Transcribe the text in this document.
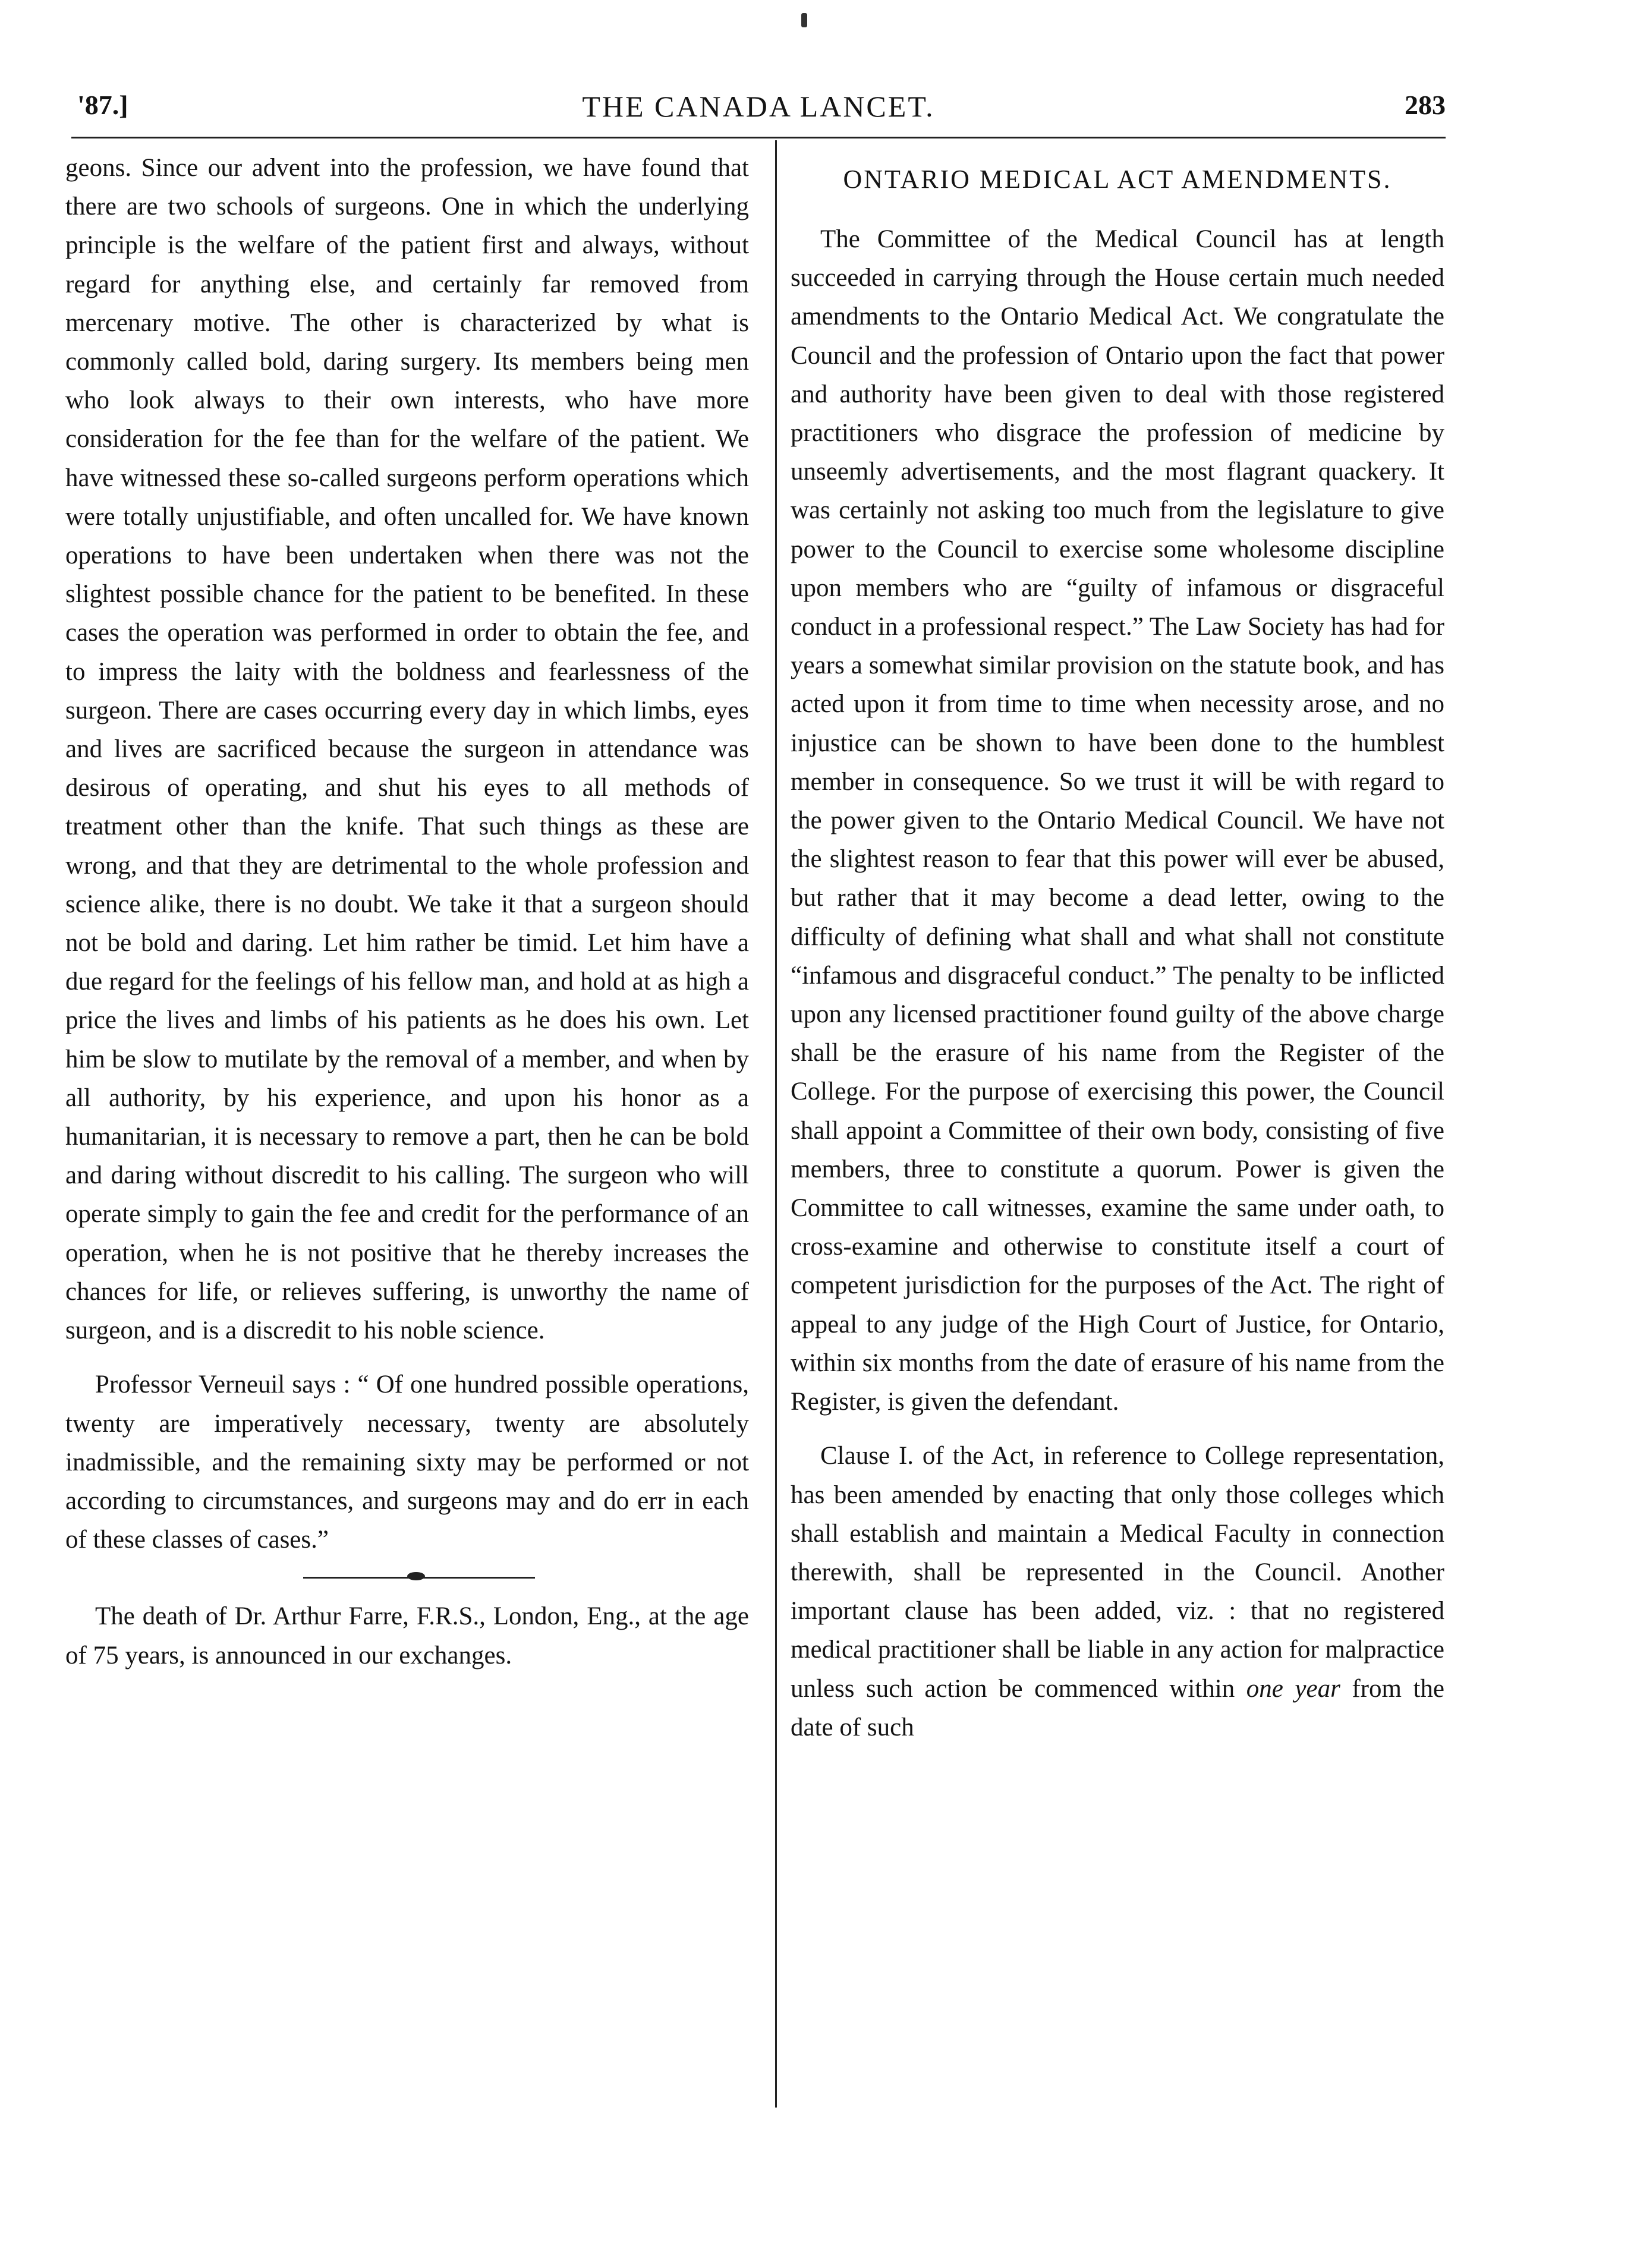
'87.]	THE CANADA LANCET.	283

geons. Since our advent into the profession, we have found that there are two schools of surgeons. One in which the underlying principle is the welfare of the patient first and always, without regard for anything else, and certainly far removed from mercenary motive. The other is characterized by what is commonly called bold, daring surgery. Its members being men who look always to their own interests, who have more consideration for the fee than for the welfare of the patient. We have witnessed these so-called surgeons perform operations which were totally unjustifiable, and often uncalled for. We have known operations to have been undertaken when there was not the slightest possible chance for the patient to be benefited. In these cases the operation was performed in order to obtain the fee, and to impress the laity with the boldness and fearlessness of the surgeon. There are cases occurring every day in which limbs, eyes and lives are sacrificed because the surgeon in attendance was desirous of operating, and shut his eyes to all methods of treatment other than the knife. That such things as these are wrong, and that they are detrimental to the whole profession and science alike, there is no doubt. We take it that a surgeon should not be bold and daring. Let him rather be timid. Let him have a due regard for the feelings of his fellow man, and hold at as high a price the lives and limbs of his patients as he does his own. Let him be slow to mutilate by the removal of a member, and when by all authority, by his experience, and upon his honor as a humanitarian, it is necessary to remove a part, then he can be bold and daring without discredit to his calling. The surgeon who will operate simply to gain the fee and credit for the performance of an operation, when he is not positive that he thereby increases the chances for life, or relieves suffering, is unworthy the name of surgeon, and is a discredit to his noble science.

Professor Verneuil says : “ Of one hundred possible operations, twenty are imperatively necessary, twenty are absolutely inadmissible, and the remaining sixty may be performed or not according to circumstances, and surgeons may and do err in each of these classes of cases.”

The death of Dr. Arthur Farre, F.R.S., London, Eng., at the age of 75 years, is announced in our exchanges.

ONTARIO MEDICAL ACT AMENDMENTS.

The Committee of the Medical Council has at length succeeded in carrying through the House certain much needed amendments to the Ontario Medical Act. We congratulate the Council and the profession of Ontario upon the fact that power and authority have been given to deal with those registered practitioners who disgrace the profession of medicine by unseemly advertisements, and the most flagrant quackery. It was certainly not asking too much from the legislature to give power to the Council to exercise some wholesome discipline upon members who are “guilty of infamous or disgraceful conduct in a professional respect.” The Law Society has had for years a somewhat similar provision on the statute book, and has acted upon it from time to time when necessity arose, and no injustice can be shown to have been done to the humblest member in consequence. So we trust it will be with regard to the power given to the Ontario Medical Council. We have not the slightest reason to fear that this power will ever be abused, but rather that it may become a dead letter, owing to the difficulty of defining what shall and what shall not constitute “infamous and disgraceful conduct.” The penalty to be inflicted upon any licensed practitioner found guilty of the above charge shall be the erasure of his name from the Register of the College. For the purpose of exercising this power, the Council shall appoint a Committee of their own body, consisting of five members, three to constitute a quorum. Power is given the Committee to call witnesses, examine the same under oath, to cross-examine and otherwise to constitute itself a court of competent jurisdiction for the purposes of the Act. The right of appeal to any judge of the High Court of Justice, for Ontario, within six months from the date of erasure of his name from the Register, is given the defendant.

Clause I. of the Act, in reference to College representation, has been amended by enacting that only those colleges which shall establish and maintain a Medical Faculty in connection therewith, shall be represented in the Council. Another important clause has been added, viz. : that no registered medical practitioner shall be liable in any action for malpractice unless such action be commenced within one year from the date of such
